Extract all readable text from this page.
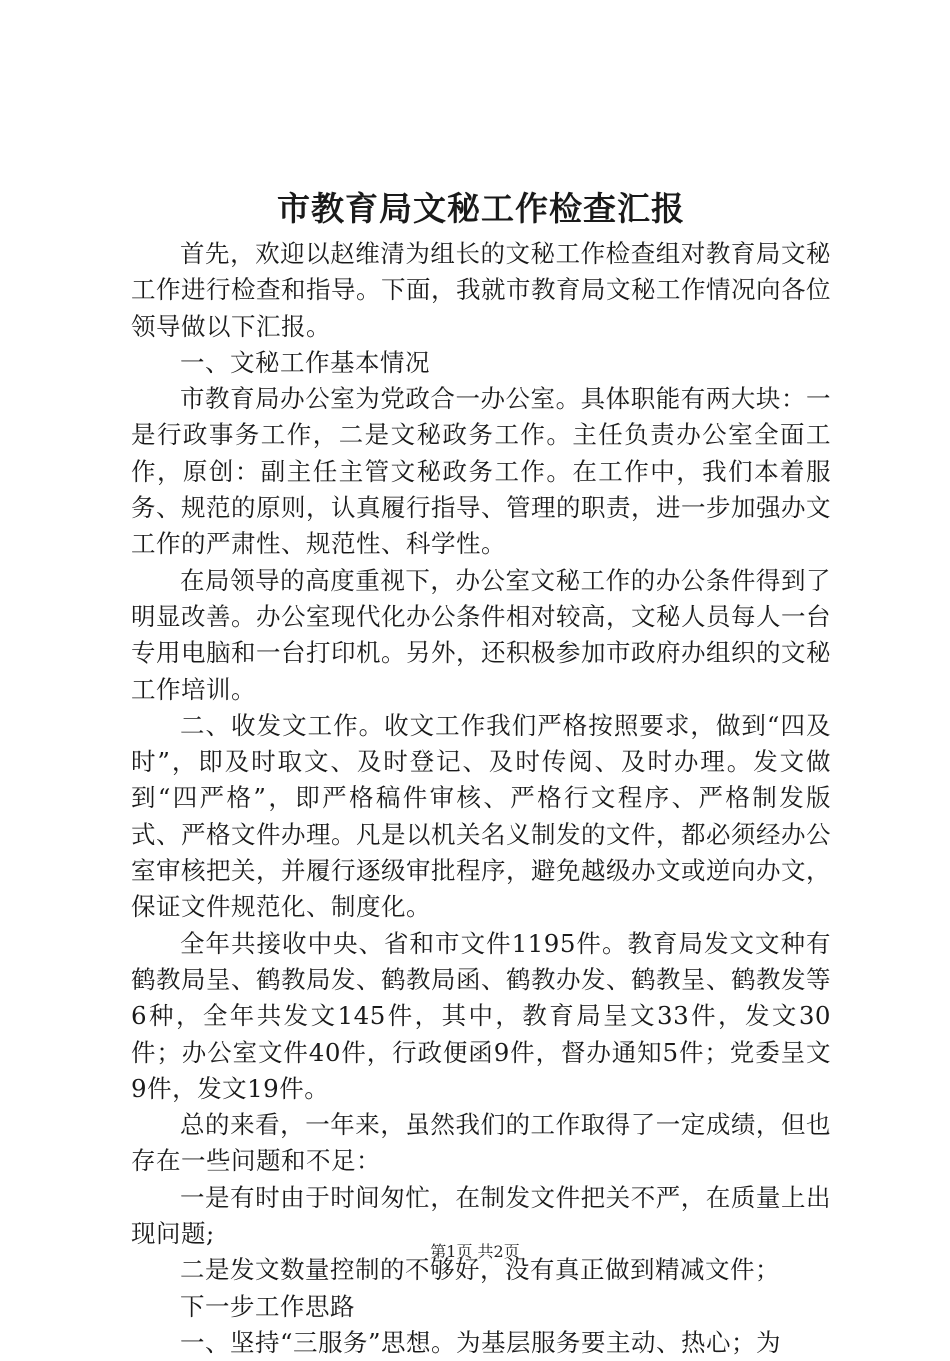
市教育局文秘工作检查汇报

首先，欢迎以赵维清为组长的文秘工作检查组对教育局文秘工作进行检查和指导。下面，我就市教育局文秘工作情况向各位领导做以下汇报。

一、文秘工作基本情况

市教育局办公室为党政合一办公室。具体职能有两大块：一是行政事务工作，二是文秘政务工作。主任负责办公室全面工作，原创：副主任主管文秘政务工作。在工作中，我们本着服务、规范的原则，认真履行指导、管理的职责，进一步加强办文工作的严肃性、规范性、科学性。

在局领导的高度重视下，办公室文秘工作的办公条件得到了明显改善。办公室现代化办公条件相对较高，文秘人员每人一台专用电脑和一台打印机。另外，还积极参加市政府办组织的文秘工作培训。

二、收发文工作。收文工作我们严格按照要求，做到“四及时”，即及时取文、及时登记、及时传阅、及时办理。发文做到“四严格”，即严格稿件审核、严格行文程序、严格制发版式、严格文件办理。凡是以机关名义制发的文件，都必须经办公室审核把关，并履行逐级审批程序，避免越级办文或逆向办文，保证文件规范化、制度化。

全年共接收中央、省和市文件1195件。教育局发文文种有鹤教局呈、鹤教局发、鹤教局函、鹤教办发、鹤教呈、鹤教发等6种，全年共发文145件，其中，教育局呈文33件，发文30件；办公室文件40件，行政便函9件，督办通知5件；党委呈文9件，发文19件。

总的来看，一年来，虽然我们的工作取得了一定成绩，但也存在一些问题和不足：

一是有时由于时间匆忙，在制发文件把关不严，在质量上出现问题;

二是发文数量控制的不够好，没有真正做到精减文件；

下一步工作思路

一、坚持“三服务”思想。为基层服务要主动、热心；为

第1页 共2页
